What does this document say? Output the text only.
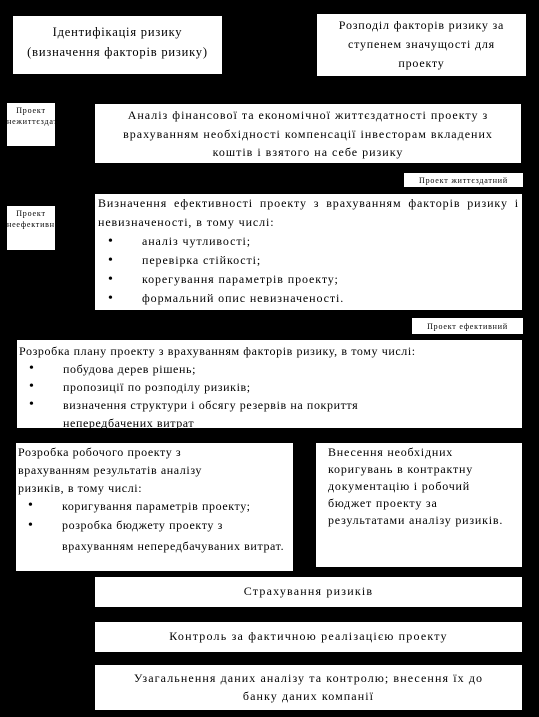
Ідентифікація ризику (визначення факторів ризику)
Розподіл факторів ризику за ступенем значущості для проекту
Проект нежиттєздатний	Аналіз фінансової та економічної життєздатності проекту з врахуванням необхідності компенсації інвесторам вкладених коштів і взятого на себе ризику
Проект життєздатний
Проект неефективний
Визначення ефективності проекту з врахуванням факторів ризику і невизначеності, в тому числі:
• аналіз чутливості;
• перевірка стійкості;
• корегування параметрів проекту;
• формальний опис невизначеності.
Проект ефективний
Розробка плану проекту з врахуванням факторів ризику, в тому числі:
• побудова дерев рішень;
• пропозиції по розподілу ризиків;
• визначення структури і обсягу резервів на покриття непередбачених витрат
Розробка робочого проекту з врахуванням результатів аналізу ризиків, в тому числі:
• коригування параметрів проекту;
• розробка бюджету проекту з врахуванням непередбачуваних витрат.
Внесення необхідних коригувань в контрактну документацію і робочий бюджет проекту за результатами аналізу ризиків.
Страхування ризиків
Контроль за фактичною реалізацією проекту
Узагальнення даних аналізу та контролю; внесення їх до банку даних компанії
